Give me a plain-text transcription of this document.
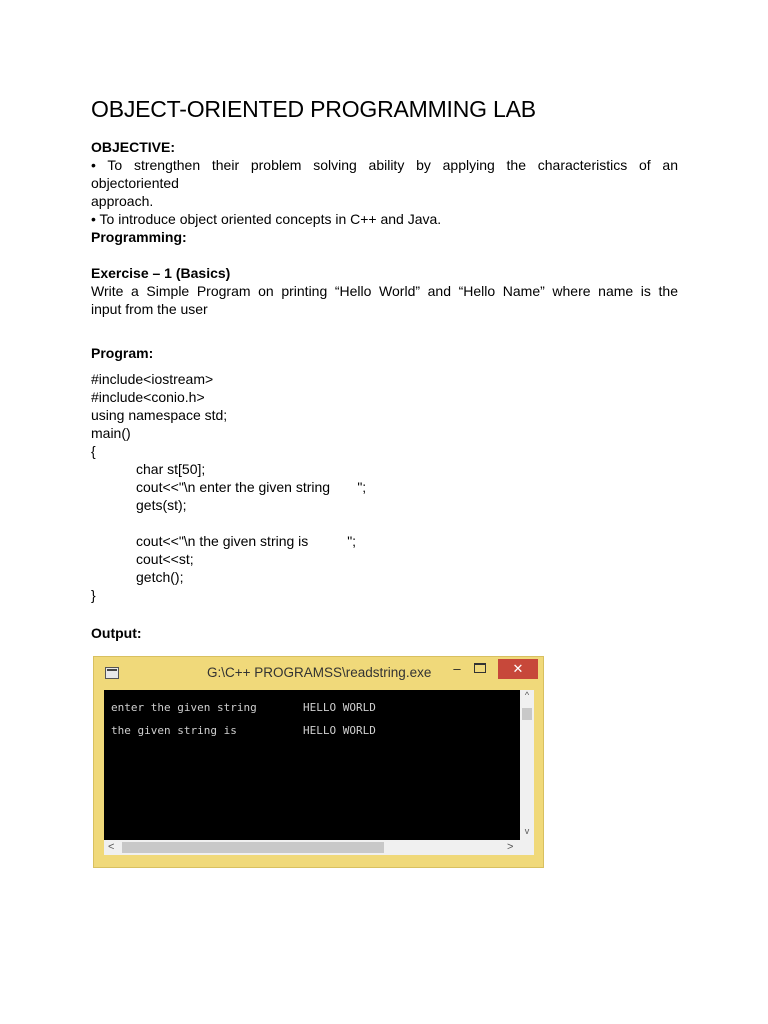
OBJECT-ORIENTED PROGRAMMING LAB

OBJECTIVE:

• To strengthen their problem solving ability by applying the characteristics of an

objectoriented

approach.

• To introduce object oriented concepts in C++ and Java.

Programming:

Exercise – 1 (Basics)

Write a Simple Program on printing “Hello World” and “Hello Name” where name is the

input from the user

Program:

#include<iostream>
#include<conio.h>
using namespace std;
main()
{
char st[50];
cout<<"\n enter the given string       ";
gets(st);
cout<<"\n the given string is          ";
cout<<st;
getch();
}

Output:

G:\C++ PROGRAMSS\readstring.exe –	✕
enter the given string       HELLO WORLD
the given string is          HELLO WORLD
^
v
<	>
